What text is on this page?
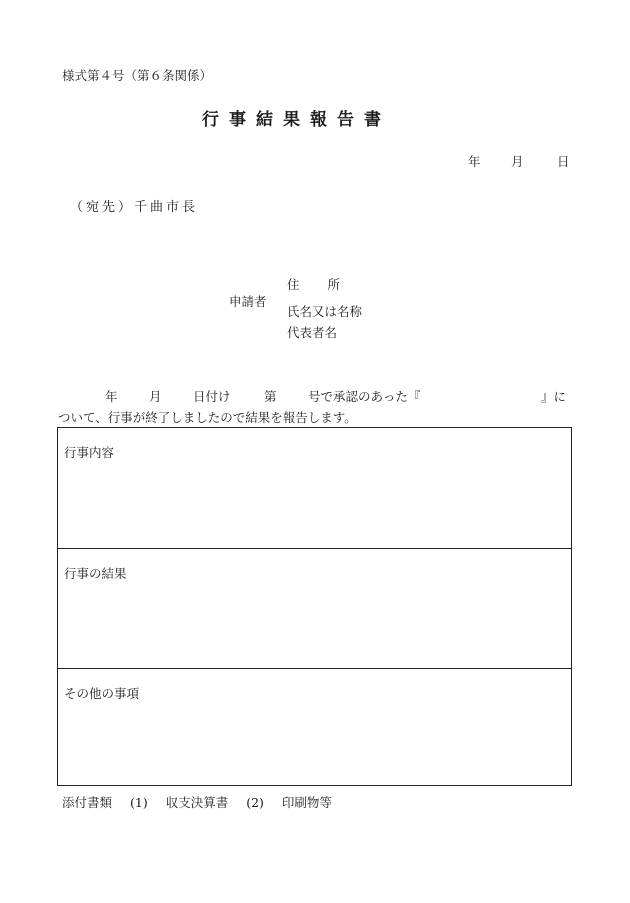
様式第４号（第６条関係）
行事結果報告書
年 月	日
（宛先）千曲市長
申請者
住 所
氏名又は名称
代表者名
年	月	日付け	第	号で承認のあった『	』に
ついて、行事が終了しましたので結果を報告します。
行事内容
行事の結果
その他の事項
添付書類 (1) 収支決算書 (2) 印刷物等
